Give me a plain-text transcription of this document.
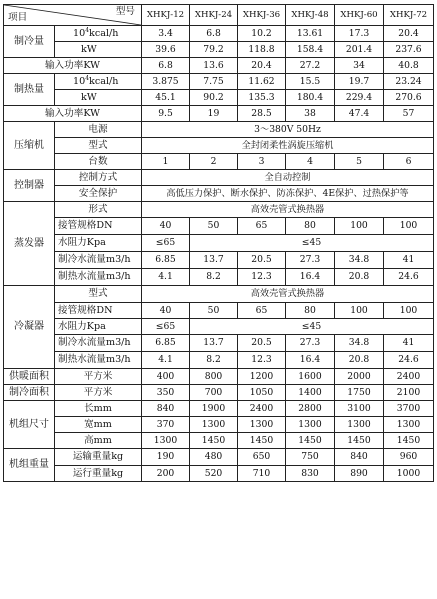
型号
项目		XHKJ-12	XHKJ-24	XHKJ-36	XHKJ-48	XHKJ-60	XHKJ-72
制冷量	$10^4kcal/h$	3.4	6.8	10.2	13.61	17.3	20.4
	kW	39.6	79.2	118.8	158.4	201.4	237.6
输入功率KW		6.8	13.6	20.4	27.2	34	40.8
制热量	$10^4kcal/h$	3.875	7.75	11.62	15.5	19.7	23.24
	kW	45.1	90.2	135.3	180.4	229.4	270.6
输入功率KW		9.5	19	28.5	38	47.4	57
压缩机	电源	3～380V 50Hz					
	型式	全封闭柔性涡旋压缩机					
	台数	1	2	3	4	5	6
控制器	控制方式	全自动控制					
	安全保护	高低压力保护、断水保护、防冻保护、4E保护、过热保护等					
蒸发器	形式	高效壳管式换热器					
	接管规格DN	40	50	65	80	100	100
	水阻力Kpa	≤65	≤45				
	制冷水流量m3/h	6.85	13.7	20.5	27.3	34.8	41
	制热水流量m3/h	4.1	8.2	12.3	16.4	20.8	24.6
冷凝器	型式	高效壳管式换热器					
	接管规格DN	40	50	65	80	100	100
	水阻力Kpa	≤65	≤45				
	制冷水流量m3/h	6.85	13.7	20.5	27.3	34.8	41
	制热水流量m3/h	4.1	8.2	12.3	16.4	20.8	24.6
供暖面积	平方米	400	800	1200	1600	2000	2400
制冷面积	平方米	350	700	1050	1400	1750	2100
机组尺寸	长mm	840	1900	2400	2800	3100	3700
	宽mm	370	1300	1300	1300	1300	1300
	高mm	1300	1450	1450	1450	1450	1450
机组重量	运输重量kg	190	480	650	750	840	960
	运行重量kg	200	520	710	830	890	1000
